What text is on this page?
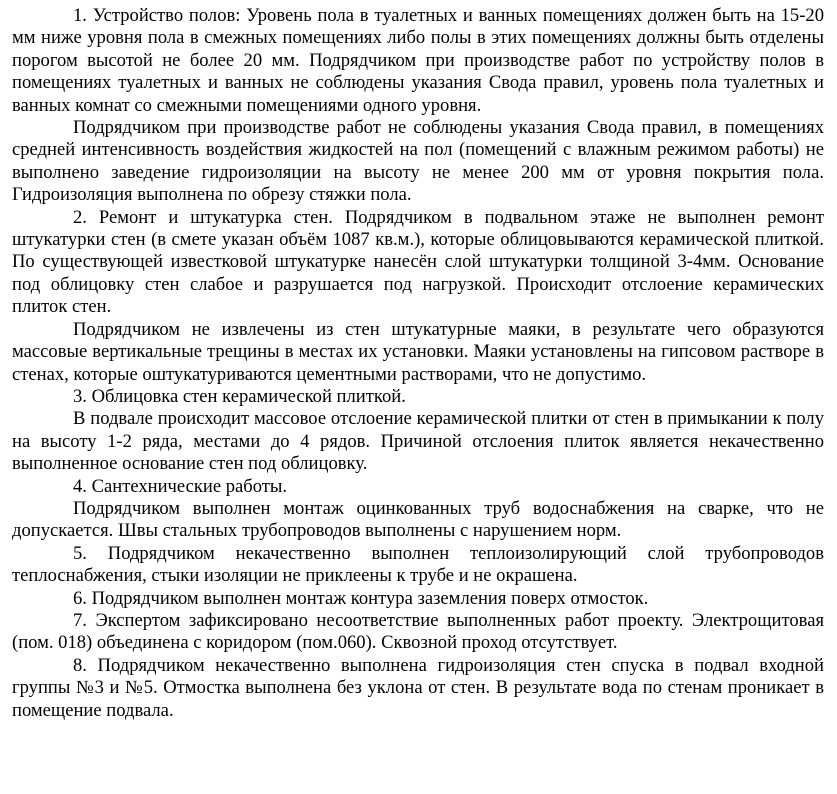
1. Устройство полов: Уровень пола в туалетных и ванных помещениях должен быть на 15-20 мм ниже уровня пола в смежных помещениях либо полы в этих помещениях должны быть отделены порогом высотой не более 20 мм. Подрядчиком при производстве работ по устройству полов в помещениях туалетных и ванных не соблюдены указания Свода правил, уровень пола туалетных и ванных комнат со смежными помещениями одного уровня.

Подрядчиком при производстве работ не соблюдены указания Свода правил, в помещениях средней интенсивность воздействия жидкостей на пол (помещений с влажным режимом работы) не выполнено заведение гидроизоляции на высоту не менее 200 мм от уровня покрытия пола. Гидроизоляция выполнена по обрезу стяжки пола.

2. Ремонт и штукатурка стен. Подрядчиком в подвальном этаже не выполнен ремонт штукатурки стен (в смете указан объём 1087 кв.м.), которые облицовываются керамической плиткой. По существующей известковой штукатурке нанесён слой штукатурки толщиной 3-4мм. Основание под облицовку стен слабое и разрушается под нагрузкой. Происходит отслоение керамических плиток стен.

Подрядчиком не извлечены из стен штукатурные маяки, в результате чего образуются массовые вертикальные трещины в местах их установки. Маяки установлены на гипсовом растворе в стенах, которые оштукатуриваются цементными растворами, что не допустимо.

3. Облицовка стен керамической плиткой.

В подвале происходит массовое отслоение керамической плитки от стен в примыкании к полу на высоту 1-2 ряда, местами до 4 рядов. Причиной отслоения плиток является некачественно выполненное основание стен под облицовку.

4. Сантехнические работы.

Подрядчиком выполнен монтаж оцинкованных труб водоснабжения на сварке, что не допускается. Швы стальных трубопроводов выполнены с нарушением норм.

5. Подрядчиком некачественно выполнен теплоизолирующий слой трубопроводов теплоснабжения, стыки изоляции не приклеены к трубе и не окрашена.

6. Подрядчиком выполнен монтаж контура заземления поверх отмосток.

7. Экспертом зафиксировано несоответствие выполненных работ проекту. Электрощитовая (пом. 018) объединена с коридором (пом.060). Сквозной проход отсутствует.

8. Подрядчиком некачественно выполнена гидроизоляция стен спуска в подвал входной группы №3 и №5. Отмостка выполнена без уклона от стен. В результате вода по стенам проникает в помещение подвала.
